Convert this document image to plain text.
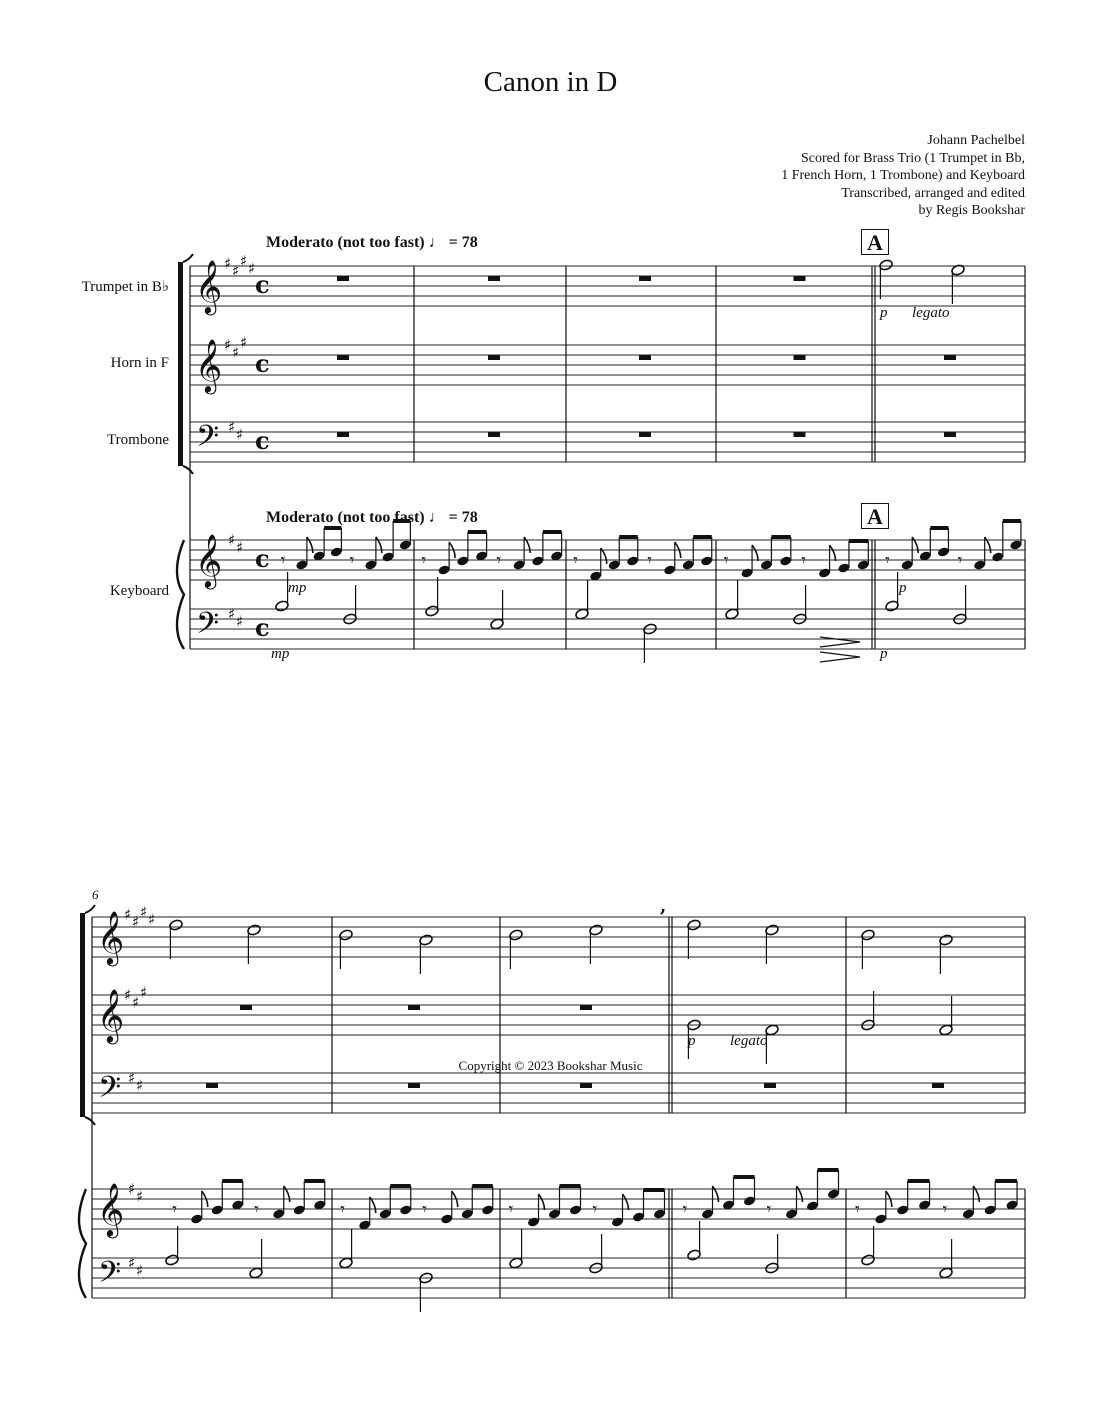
Canon in D
Johann Pachelbel
Scored for Brass Trio (1 Trumpet in Bb,
1 French Horn, 1 Trombone) and Keyboard
Transcribed, arranged and edited
by Regis Bookshar
Moderato (not too fast) ♩ = 78
Moderato (not too fast) ♩ = 78
A
A
Trumpet in B♭
Horn in F
Trombone
Keyboard
p legato
mp	p
mp	p
p legato
6
Copyright © 2023 Bookshar Music
𝄞
𝄞
𝄢
𝄞
𝄢
♯ ♯
♯ ♯
♯ ♯
♯
♯ ♯
♯ ♯
♯ ♯
c
c
c
c
c
𝄾	𝄾	𝄾	𝄾	𝄾	𝄾	𝄾	𝄾	𝄾	𝄾
𝄞
𝄞
𝄢
𝄞
𝄢
♯ ♯
♯ ♯
♯ ♯
♯
♯ ♯
♯ ♯
♯ ♯
,
𝄾	𝄾	𝄾	𝄾	𝄾	𝄾	𝄾	𝄾	𝄾	𝄾
